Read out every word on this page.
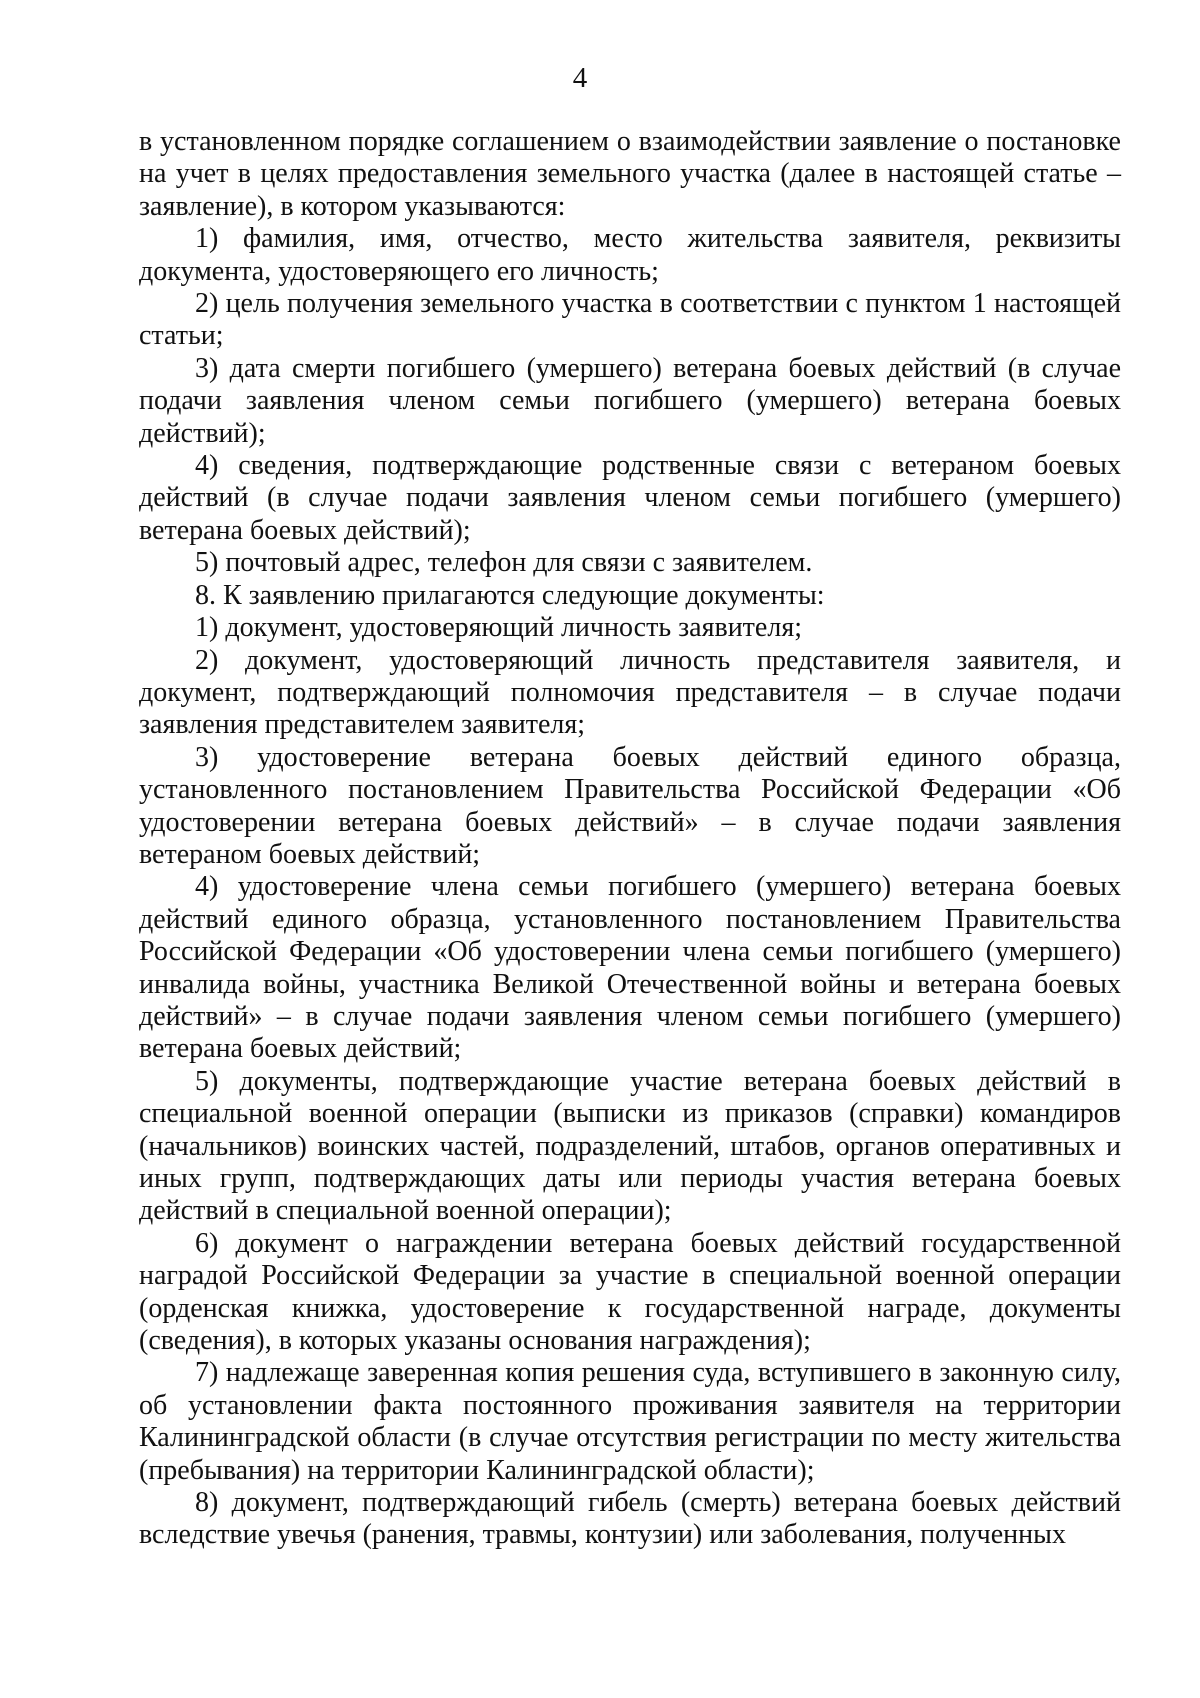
4

в установленном порядке соглашением о взаимодействии заявление о постановке на учет в целях предоставления земельного участка (далее в настоящей статье – заявление), в котором указываются:

1) фамилия, имя, отчество, место жительства заявителя, реквизиты документа, удостоверяющего его личность;

2) цель получения земельного участка в соответствии с пунктом 1 настоящей статьи;

3) дата смерти погибшего (умершего) ветерана боевых действий (в случае подачи заявления членом семьи погибшего (умершего) ветерана боевых действий);

4) сведения, подтверждающие родственные связи с ветераном боевых действий (в случае подачи заявления членом семьи погибшего (умершего) ветерана боевых действий);

5) почтовый адрес, телефон для связи с заявителем.

8. К заявлению прилагаются следующие документы:

1) документ, удостоверяющий личность заявителя;

2) документ, удостоверяющий личность представителя заявителя, и документ, подтверждающий полномочия представителя – в случае подачи заявления представителем заявителя;

3) удостоверение ветерана боевых действий единого образца, установленного постановлением Правительства Российской Федерации «Об удостоверении ветерана боевых действий» – в случае подачи заявления ветераном боевых действий;

4) удостоверение члена семьи погибшего (умершего) ветерана боевых действий единого образца, установленного постановлением Правительства Российской Федерации «Об удостоверении члена семьи погибшего (умершего) инвалида войны, участника Великой Отечественной войны и ветерана боевых действий» – в случае подачи заявления членом семьи погибшего (умершего) ветерана боевых действий;

5) документы, подтверждающие участие ветерана боевых действий в специальной военной операции (выписки из приказов (справки) командиров (начальников) воинских частей, подразделений, штабов, органов оперативных и иных групп, подтверждающих даты или периоды участия ветерана боевых действий в специальной военной операции);

6) документ о награждении ветерана боевых действий государственной наградой Российской Федерации за участие в специальной военной операции (орденская книжка, удостоверение к государственной награде, документы (сведения), в которых указаны основания награждения);

7) надлежаще заверенная копия решения суда, вступившего в законную силу, об установлении факта постоянного проживания заявителя на территории Калининградской области (в случае отсутствия регистрации по месту жительства (пребывания) на территории Калининградской области);

8) документ, подтверждающий гибель (смерть) ветерана боевых действий вследствие увечья (ранения, травмы, контузии) или заболевания, полученных
